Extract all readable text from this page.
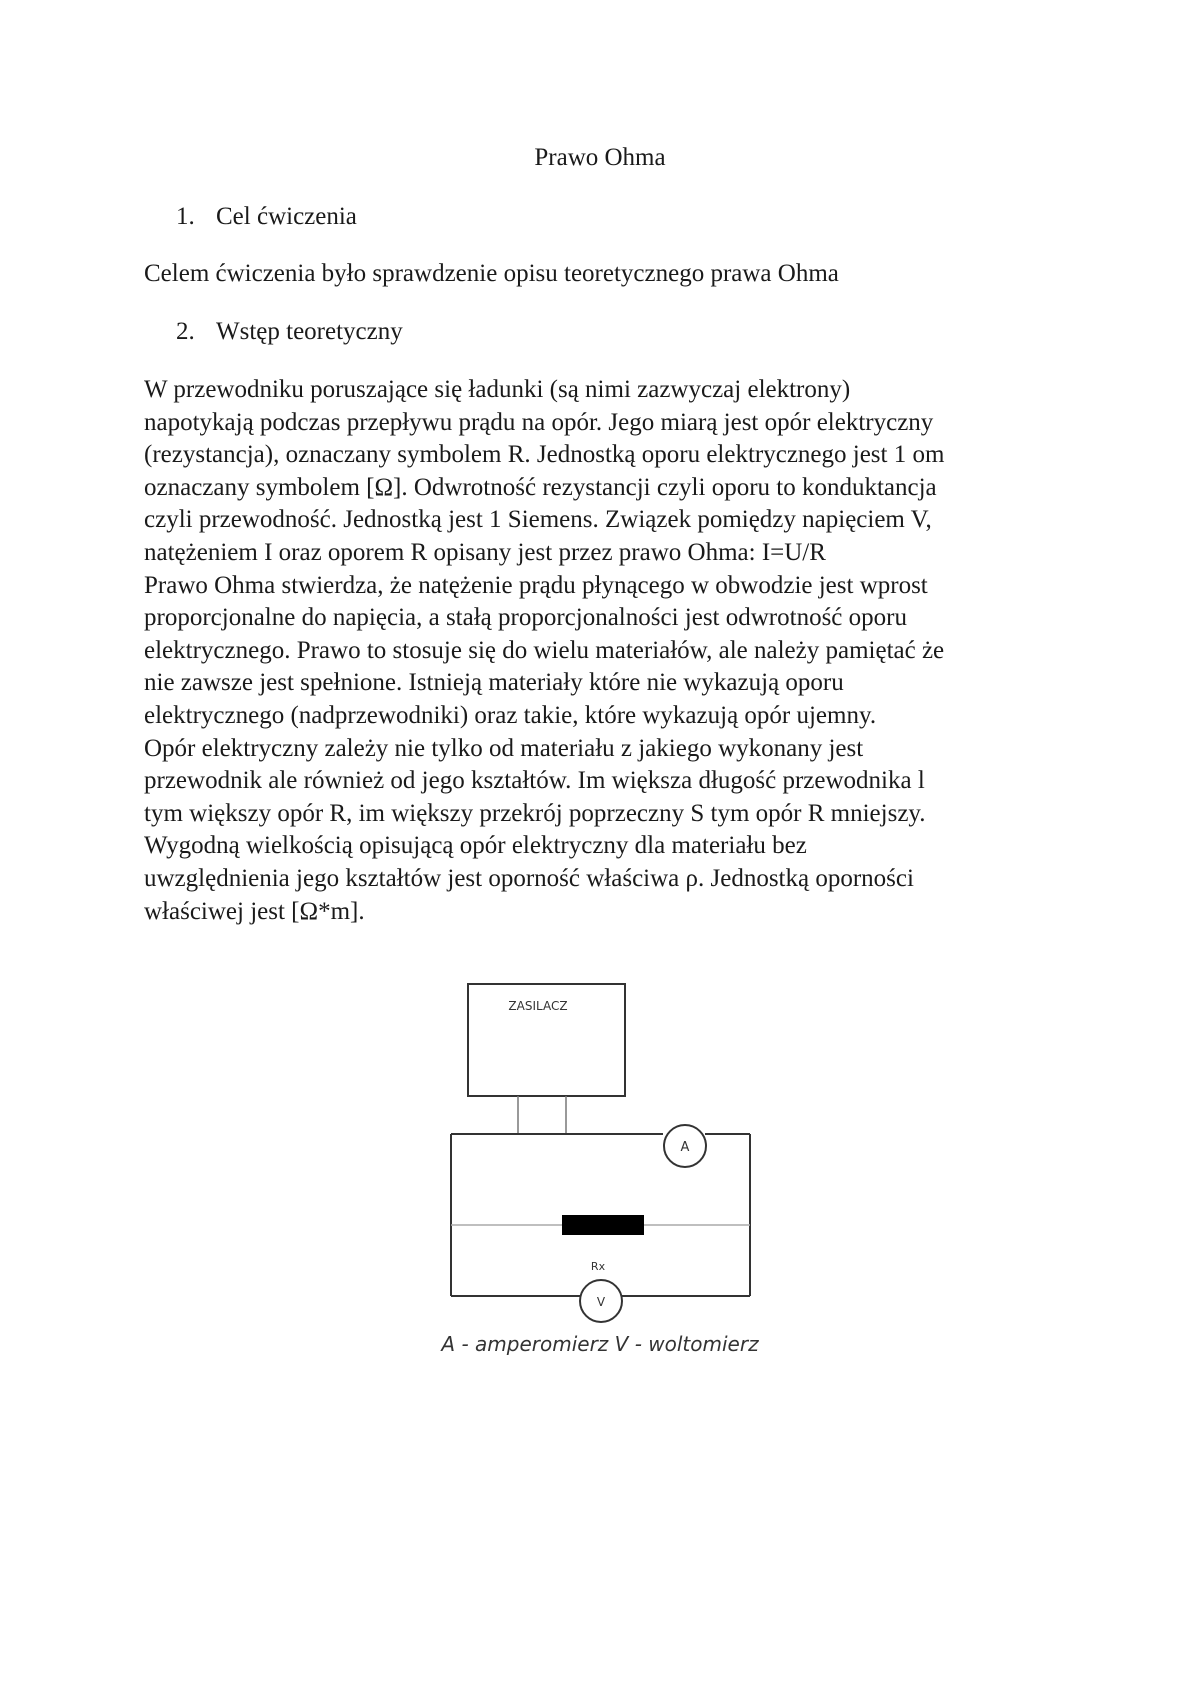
Prawo Ohma
1. Cel ćwiczenia

Celem ćwiczenia było sprawdzenie opisu teoretycznego prawa Ohma

2. Wstęp teoretyczny
W przewodniku poruszające się ładunki (są nimi zazwyczaj elektrony)
napotykają podczas przepływu prądu na opór. Jego miarą jest opór elektryczny
(rezystancja), oznaczany symbolem R. Jednostką oporu elektrycznego jest 1 om
oznaczany symbolem [Ω]. Odwrotność rezystancji czyli oporu to konduktancja
czyli przewodność. Jednostką jest 1 Siemens. Związek pomiędzy napięciem V,
natężeniem I oraz oporem R opisany jest przez prawo Ohma: I=U/R
Prawo Ohma stwierdza, że natężenie prądu płynącego w obwodzie jest wprost
proporcjonalne do napięcia, a stałą proporcjonalności jest odwrotność oporu
elektrycznego. Prawo to stosuje się do wielu materiałów, ale należy pamiętać że
nie zawsze jest spełnione. Istnieją materiały które nie wykazują oporu
elektrycznego (nadprzewodniki) oraz takie, które wykazują opór ujemny.
Opór elektryczny zależy nie tylko od materiału z jakiego wykonany jest
przewodnik ale również od jego kształtów. Im większa długość przewodnika l
tym większy opór R, im większy przekrój poprzeczny S tym opór R mniejszy.
Wygodną wielkością opisującą opór elektryczny dla materiału bez
uwzględnienia jego kształtów jest oporność właściwa ρ. Jednostką oporności
właściwej jest [Ω*m].
ZASILACZ
Rx
A
V
A - amperomierz V - woltomierz
